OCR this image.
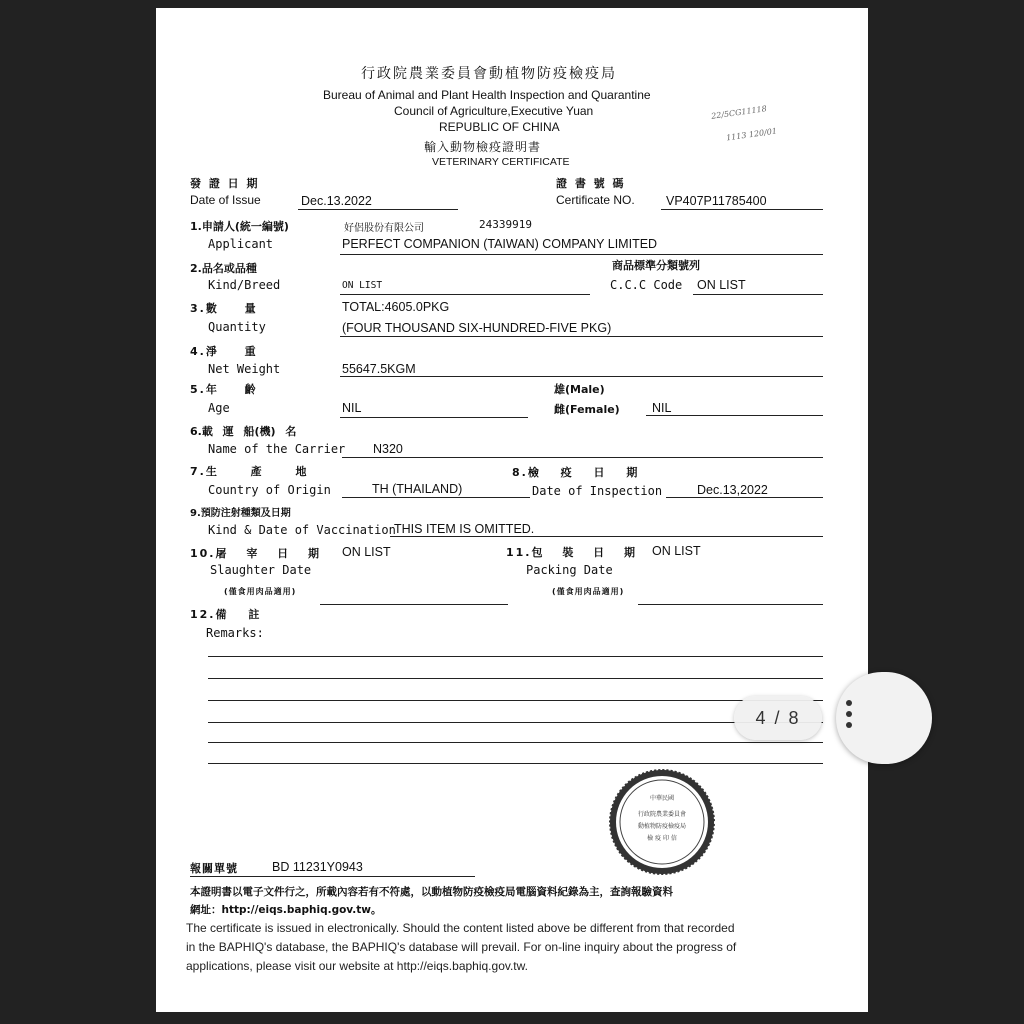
行政院農業委員會動植物防疫檢疫局
Bureau of Animal and Plant Health Inspection and Quarantine
Council of Agriculture,Executive Yuan
REPUBLIC OF CHINA
輸入動物檢疫證明書
VETERINARY CERTIFICATE
22/5CG11118
1113 120/01
發 證 日 期
Date of Issue	Dec.13.2022
證 書 號 碼
Certificate NO.	VP407P11785400
1.申請人(統一編號)	好侶股份有限公司	24339919
Applicant	PERFECT COMPANION (TAIWAN) COMPANY LIMITED
2.品名或品種	商品標準分類號列
Kind/Breed	ON LIST	C.C.C Code ON LIST
3.數 量	TOTAL:4605.0PKG
Quantity	(FOUR THOUSAND SIX-HUNDRED-FIVE PKG)
4.淨 重
Net Weight	55647.5KGM
5.年 齡	雄(Male)
Age	NIL	雌(Female)	NIL
6.載 運 船(機) 名
Name of the Carrier N320
7.生 產 地	8.檢 疫 日 期
Country of Origin	TH (THAILAND)	Date of Inspection	Dec.13,2022
9.預防注射種類及日期
Kind & Date of Vaccination
THIS ITEM IS OMITTED.
10.屠 宰 日 期 ON LIST
Slaughter Date
(僅食用肉品適用)
11.包 裝 日 期 ON LIST
Packing Date
(僅食用肉品適用)
12.備 註
Remarks:
中華民國
行政院農業委員會
動植物防疫檢疫局
檢 疫 印 信
報關單號	BD 11231Y0943
本證明書以電子文件行之，所載內容若有不符處，以動植物防疫檢疫局電腦資料紀錄為主，查詢報驗資料
網址：http://eiqs.baphiq.gov.tw。
The certificate is issued in electronically. Should the content listed above be different from that recorded
in the BAPHIQ's database, the BAPHIQ's database will prevail. For on-line inquiry about the progress of
applications, please visit our website at http://eiqs.baphiq.gov.tw.
4 / 8
